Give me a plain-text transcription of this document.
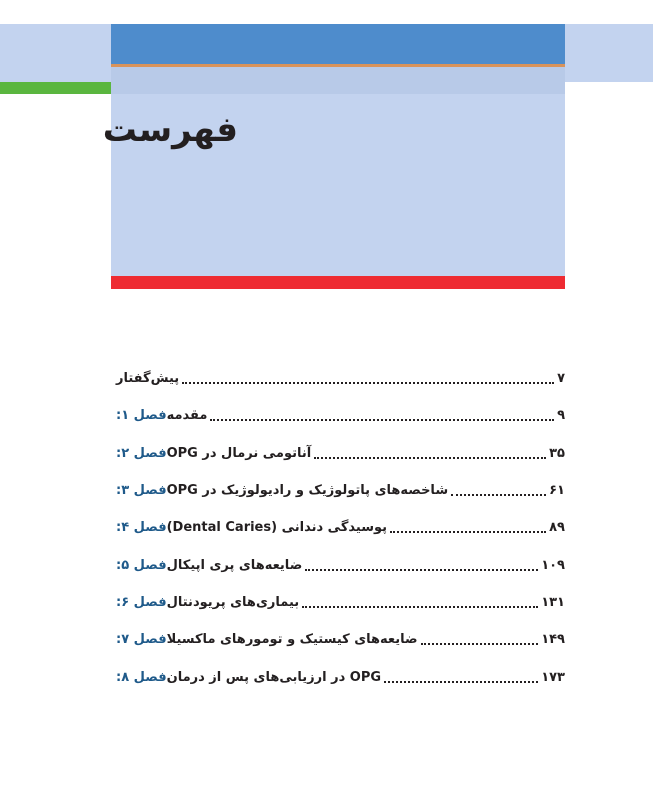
فهرست
پیش‌گفتار	۷
فصل ۱: مقدمه	۹
فصل ۲: آناتومی نرمال در OPG	۳۵
فصل ۳: شاخصه‌های پاتولوژیک و رادیولوژیک در OPG	۶۱
فصل ۴: پوسیدگی دندانی (Dental Caries)	۸۹
فصل ۵: ضایعه‌های پری اپیکال	۱۰۹
فصل ۶: بیماری‌های پریودنتال	۱۳۱
فصل ۷: ضایعه‌های کیستیک و تومورهای ماکسیلا	۱۴۹
فصل ۸: OPG در ارزیابی‌های پس از درمان	۱۷۳
